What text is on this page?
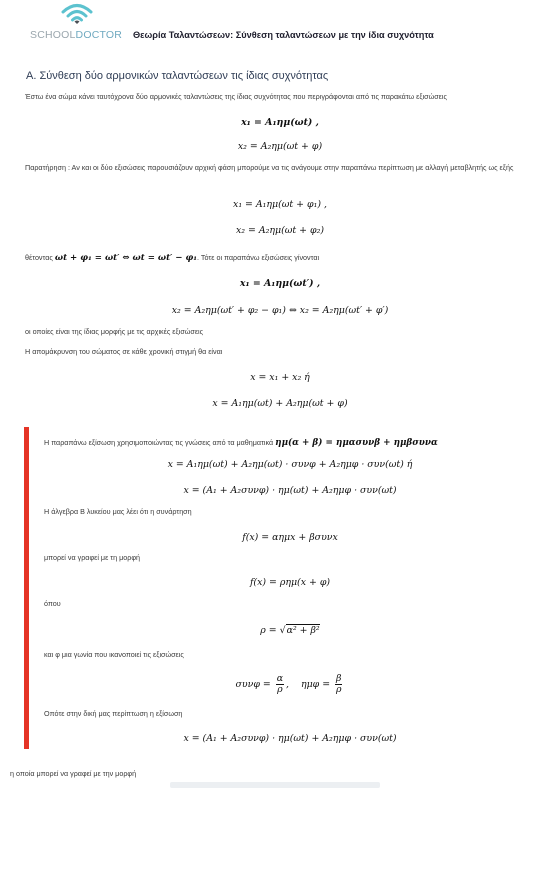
SCHOOLDOCTOR Θεωρία Ταλαντώσεων: Σύνθεση ταλαντώσεων με την ίδια συχνότητα
Α. Σύνθεση δύο αρμονικών ταλαντώσεων τις ίδιας συχνότητας
Έστω ένα σώμα κάνει ταυτόχρονα δύο αρμονικές ταλαντώσεις της ίδιας συχνότητας που περιγράφονται από τις παρακάτω εξισώσεις
x₁ = A₁ημ(ωt) ,
x₂ = A₂ημ(ωt + φ)
Παρατήρηση : Αν και οι δύο εξισώσεις παρουσιάζουν αρχική φάση μπορούμε να τις ανάγουμε στην παραπάνω περίπτωση με αλλαγή μεταβλητής ως εξής
x₁ = A₁ημ(ωt + φ₁) ,
x₂ = A₂ημ(ωt + φ₂)
θέτοντας ωt + φ₁ = ωt′ ⇔ ωt = ωt′ − φ₁. Τότε οι παραπάνω εξισώσεις γίνονται
x₁ = A₁ημ(ωt′) ,
x₂ = A₂ημ(ωt′ + φ₂ − φ₁) ⇔ x₂ = A₂ημ(ωt′ + φ′)
οι οποίες είναι της ίδιας μορφής με τις αρχικές εξισώσεις
Η απομάκρυνση του σώματος σε κάθε χρονική στιγμή θα είναι
x = x₁ + x₂ ή
x = A₁ημ(ωt) + A₂ημ(ωt + φ)
Η παραπάνω εξίσωση χρησιμοποιώντας τις γνώσεις από τα μαθηματικά ημ(α + β) = ημασυνβ + ημβσυνα
x = A₁ημ(ωt) + A₂ημ(ωt) · συνφ + A₂ημφ · συν(ωt) ή
x = (A₁ + A₂συνφ) · ημ(ωt) + A₂ημφ · συν(ωt)
Η άλγεβρα Β λυκείου μας λέει ότι η συνάρτηση
f(x) = αημx + βσυνx
μπορεί να γραφεί με τη μορφή
f(x) = ρημ(x + φ)
όπου
ρ = √α² + β²
και φ μια γωνία που ικανοποιεί τις εξισώσεις
$\sigma\upsilon\nu\varphi = \frac{\alpha}{\rho}$ ,    $\eta\mu\varphi = \frac{\beta}{\rho}$
Οπότε στην δική μας περίπτωση η εξίσωση
x = (A₁ + A₂συνφ) · ημ(ωt) + A₂ημφ · συν(ωt)
η οποία μπορεί να γραφεί με την μορφή
